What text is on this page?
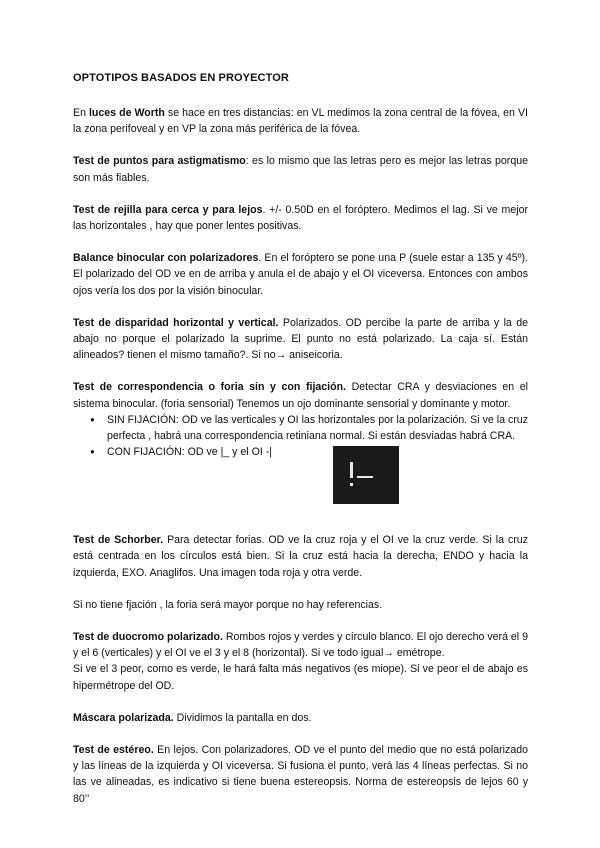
OPTOTIPOS BASADOS EN PROYECTOR

En luces de Worth se hace en tres distancias: en VL medimos la zona central de la fóvea, en VI la zona perifoveal y en VP la zona más periférica de la fóvea.

Test de puntos para astigmatismo: es lo mismo que las letras pero es mejor las letras porque son más fiables.

Test de rejilla para cerca y para lejos. +/- 0.50D en el foróptero. Medimos el lag. Si ve mejor las horizontales , hay que poner lentes positivas.

Balance binocular con polarizadores. En el foróptero se pone una P (suele estar a 135 y 45º). El polarizado del OD ve en de arriba y anula el de abajo y el OI viceversa. Entonces con ambos ojos vería los dos por la visión binocular.

Test de disparidad horizontal y vertical. Polarizados. OD percibe la parte de arriba y la de abajo no porque el polarizado la suprime. El punto no está polarizado. La caja sí. Están alineados? tienen el mismo tamaño?. Si no→ aniseicoria.

Test de correspondencia o foria sin y con fijación. Detectar CRA y desviaciones en el sistema binocular. (foria sensorial) Tenemos un ojo dominante sensorial y dominante y motor.

● SIN FIJACIÓN: OD ve las verticales y OI las horizontales por la polarización. Si ve la cruz perfecta , habrá una correspondencia retiniana normal. Si están desviadas habrá CRA.
● CON FIJACIÓN: OD ve |_ y el OI -|

Test de Schorber. Para detectar forias. OD ve la cruz roja y el OI ve la cruz verde. Si la cruz está centrada en los círculos está bien. Si la cruz está hacia la derecha, ENDO y hacia la izquierda, EXO. Anaglifos. Una imagen toda roja y otra verde.

Si no tiene fjación , la foria será mayor porque no hay referencias.

Test de duocromo polarizado. Rombos rojos y verdes y círculo blanco. El ojo derecho verá el 9 y el 6 (verticales) y el OI ve el 3 y el 8 (horizontal). Si ve todo igual→ emétrope.

Si ve el 3 peor, como es verde, le hará falta más negativos (es miope). Si ve peor el de abajo es hipermétrope del OD.

Máscara polarizada. Dividimos la pantalla en dos.

Test de estéreo. En lejos. Con polarizadores. OD ve el punto del medio que no está polarizado y las líneas de la izquierda y OI viceversa. Si fusiona el punto, verá las 4 líneas perfectas. Si no las ve alineadas, es indicativo si tiene buena estereopsis. Norma de estereopsis de lejos 60 y 80’’
